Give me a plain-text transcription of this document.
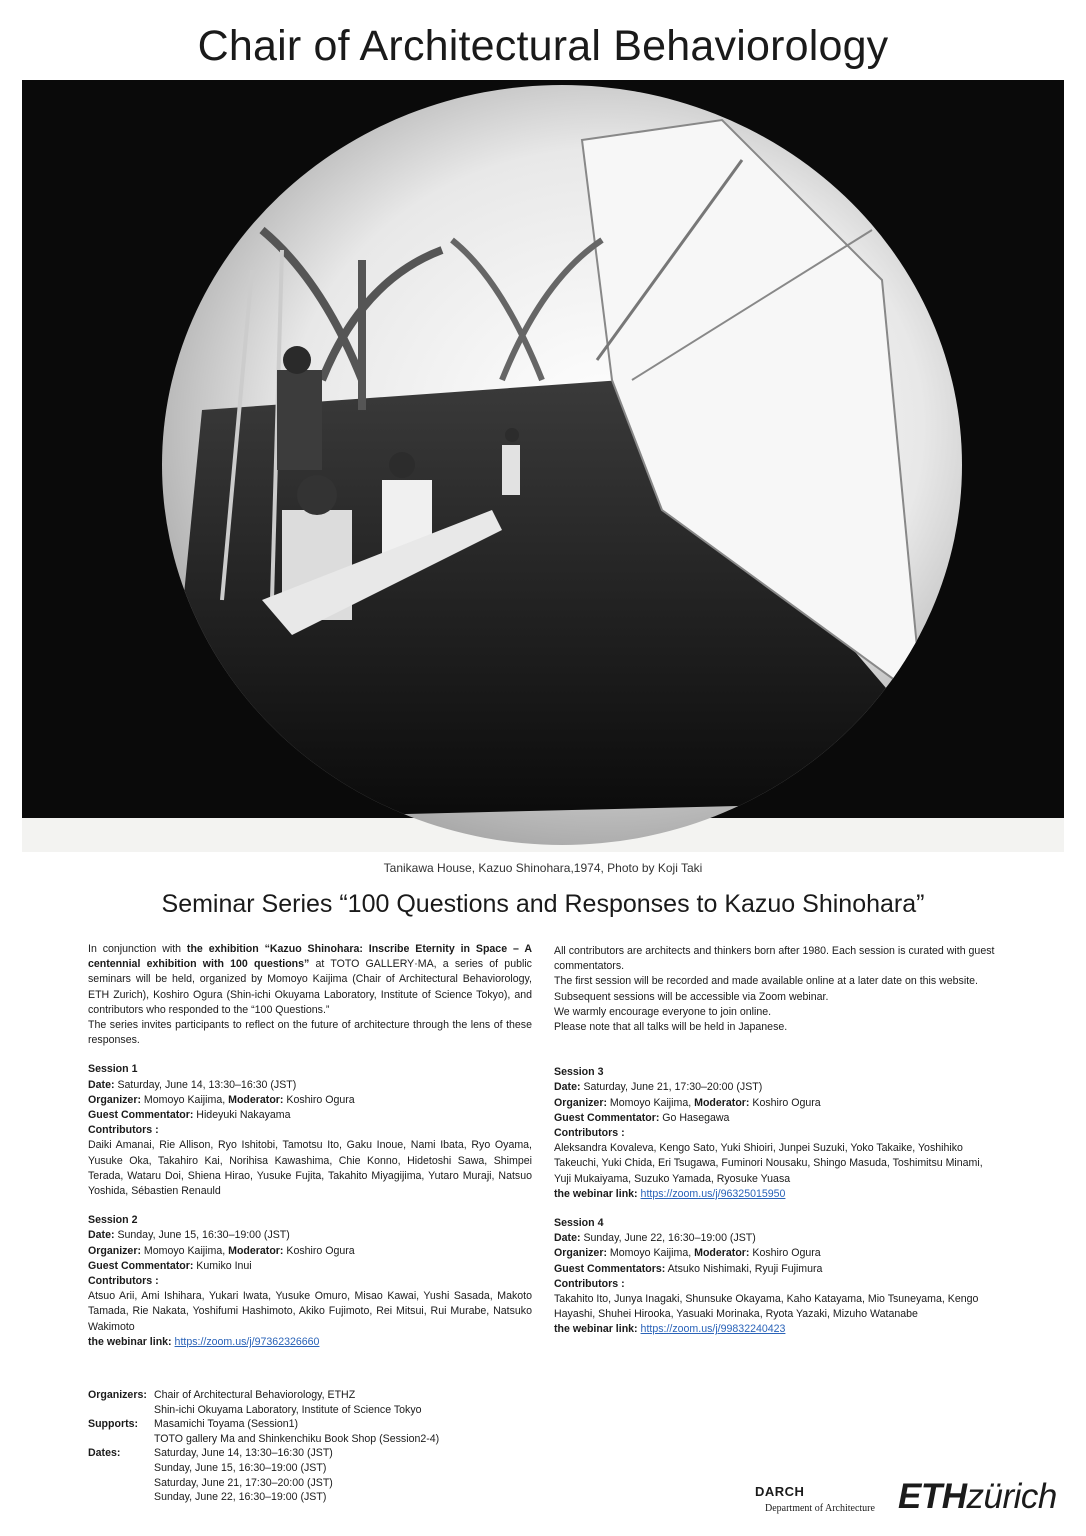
Chair of Architectural Behaviorology
Tanikawa House, Kazuo Shinohara,1974, Photo by Koji Taki
Seminar Series “100 Questions and Responses to Kazuo Shinohara”

In conjunction with the exhibition “Kazuo Shinohara: Inscribe Eternity in Space – A centennial exhibition with 100 questions” at TOTO GALLERY·MA, a series of public seminars will be held, organized by Momoyo Kaijima (Chair of Architectural Behaviorology, ETH Zurich), Koshiro Ogura (Shin-ichi Okuyama Laboratory, Institute of Science Tokyo), and contributors who responded to the “100 Questions.”

The series invites participants to reflect on the future of architecture through the lens of these responses.

Session 1
Date: Saturday, June 14, 13:30–16:30 (JST)
Organizer: Momoyo Kaijima, Moderator: Koshiro Ogura
Guest Commentator: Hideyuki Nakayama
Contributors :
Daiki Amanai, Rie Allison, Ryo Ishitobi, Tamotsu Ito, Gaku Inoue, Nami Ibata, Ryo Oyama, Yusuke Oka, Takahiro Kai, Norihisa Kawashima, Chie Konno, Hidetoshi Sawa, Shimpei Terada, Wataru Doi, Shiena Hirao, Yusuke Fujita, Takahito Miyagijima, Yutaro Muraji, Natsuo Yoshida, Sébastien Renauld
Session 2
Date: Sunday, June 15, 16:30–19:00 (JST)
Organizer: Momoyo Kaijima, Moderator: Koshiro Ogura
Guest Commentator: Kumiko Inui
Contributors :
Atsuo Arii, Ami Ishihara, Yukari Iwata, Yusuke Omuro, Misao Kawai, Yushi Sasada, Makoto Tamada, Rie Nakata, Yoshifumi Hashimoto, Akiko Fujimoto, Rei Mitsui, Rui Murabe, Natsuko Wakimoto
the webinar link: https://zoom.us/j/97362326660

All contributors are architects and thinkers born after 1980. Each session is curated with guest commentators.

The first session will be recorded and made available online at a later date on this website. Subsequent sessions will be accessible via Zoom webinar.

We warmly encourage everyone to join online.

Please note that all talks will be held in Japanese.

Session 3
Date: Saturday, June 21, 17:30–20:00 (JST)
Organizer: Momoyo Kaijima, Moderator: Koshiro Ogura
Guest Commentator: Go Hasegawa
Contributors :
Aleksandra Kovaleva, Kengo Sato, Yuki Shioiri, Junpei Suzuki, Yoko Takaike, Yoshihiko Takeuchi, Yuki Chida, Eri Tsugawa, Fuminori Nousaku, Shingo Masuda, Toshimitsu Minami, Yuji Mukaiyama, Suzuko Yamada, Ryosuke Yuasa
the webinar link: https://zoom.us/j/96325015950
Session 4
Date: Sunday, June 22, 16:30–19:00 (JST)
Organizer: Momoyo Kaijima, Moderator: Koshiro Ogura
Guest Commentators: Atsuko Nishimaki, Ryuji Fujimura
Contributors :
Takahito Ito, Junya Inagaki, Shunsuke Okayama, Kaho Katayama, Mio Tsuneyama, Kengo Hayashi, Shuhei Hirooka, Yasuaki Morinaka, Ryota Yazaki, Mizuho Watanabe
the webinar link: https://zoom.us/j/99832240423
Organizers: Chair of Architectural Behaviorology, ETHZ
Shin-ichi Okuyama Laboratory, Institute of Science Tokyo
Supports:	Masamichi Toyama (Session1)
TOTO gallery Ma and Shinkenchiku Book Shop (Session2-4)
Dates:	Saturday, June 14, 13:30–16:30 (JST)
Sunday, June 15, 16:30–19:00 (JST)
Saturday, June 21, 17:30–20:00 (JST)
Sunday, June 22, 16:30–19:00 (JST)	DARCH
Department of Architecture ETHzürich
